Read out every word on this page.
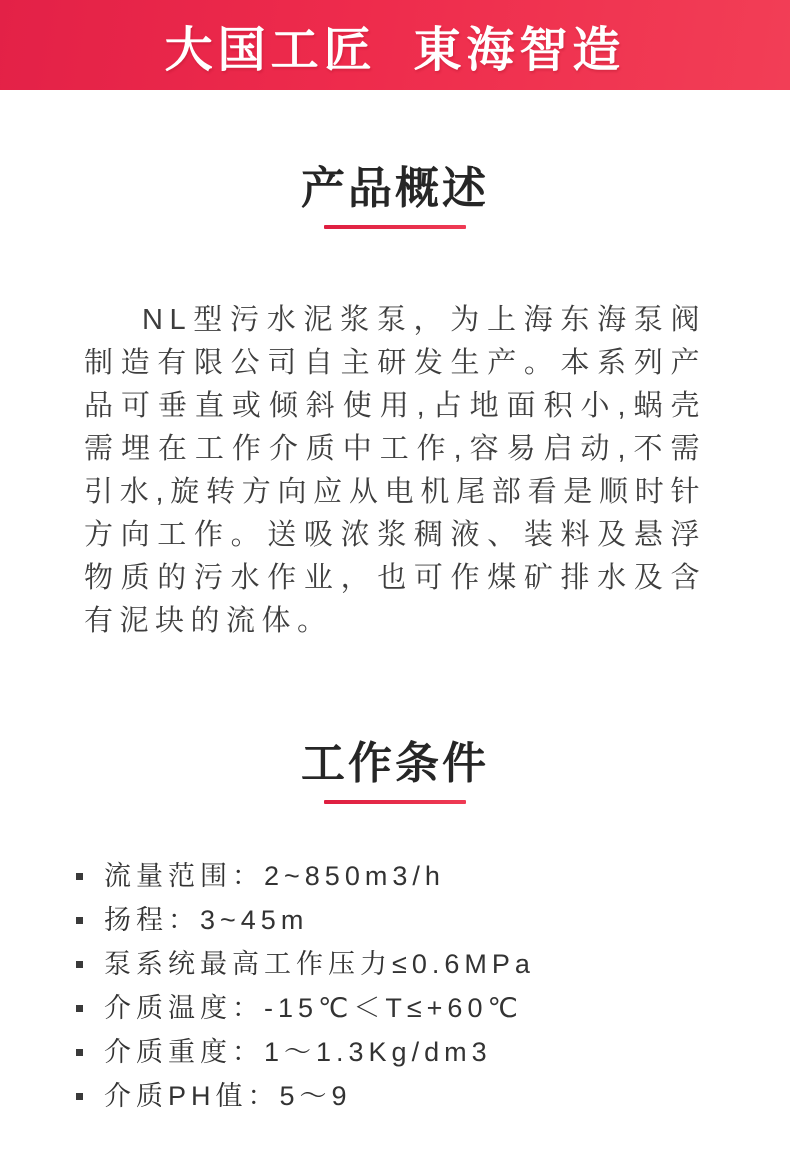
大国工匠  東海智造
产品概述

NL型污水泥浆泵，为上海东海泵阀制造有限公司自主研发生产。本系列产品可垂直或倾斜使用,占地面积小,蜗壳需埋在工作介质中工作,容易启动,不需引水,旋转方向应从电机尾部看是顺时针方向工作。送吸浓浆稠液、装料及悬浮物质的污水作业，也可作煤矿排水及含有泥块的流体。

工作条件
流量范围：2~850m3/h
扬程：3~45m
泵系统最高工作压力≤0.6MPa
介质温度：-15℃＜T≤+60℃
介质重度：1～1.3Kg/dm3
介质PH值：5～9
